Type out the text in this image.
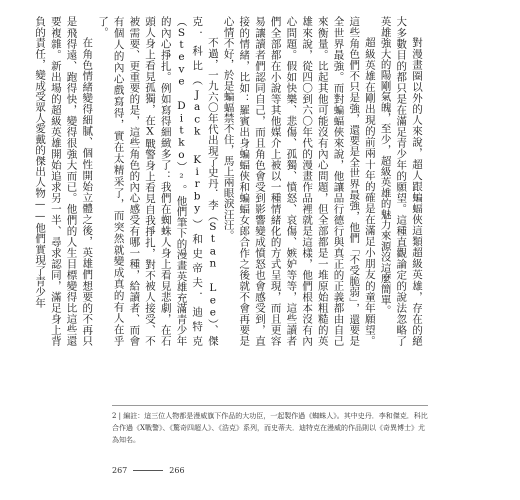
對漫畫圈以外的人來說，超人跟蝙蝠俠這類超級英雄，存在的絕大多數目的都只是在滿足青少年的願望。這種直觀論定的說法忽略了英雄強大的陽剛氣魄，至少，超級英雄的魅力來源沒這麼簡單。

超級英雄在剛出現的前兩十年的確是在滿足小朋友的童年願望。這些角色們不只是強，還要是全世界最強，他們「不受脆弱」，還要是全世界最強。而對蝙蝠俠來說，他讓品行德行與真正的正義都由自己來衡量。比起其他可能沒有內心問題，但全部都是一堆原始粗糙的英雄來說，從四〇到六〇年代的漫畫作品裡就是這樣，他們根本沒有內心問題。假如快樂、悲傷、孤獨、憤怒、哀傷、嫉妒等等，這些讀者們全部都在小說等其他媒介上被以一種情緒化的方式呈現，而且更容易讓讀者們認同自己，而且角色會受到影響變成憤怒也會感受到，直接的情緒，比如：羅賓出身蝙蝠俠和蝙蝠女郎合作之後就不會再要是心情不好，於是蝙蝠禁不住，馬上兩眼淚汪汪。

不過，一九六〇年代出現了史丹．李（Stan Lee）、傑克．科比（Jack Kirby）和史帝夫．迪特克（Steve Ditko）²。他們筆下的漫畫英雄充滿青少年的內心掙扎。例如寫得細緻多了：我們在蜘蛛人身上看見悲劇，在石頭人身上看見孤獨，在X戰警身上看見自我掙扎，對不被人接受、不被需要、更重要的是，這些角色的內心感受有哪一種，給讀者、而會有個人的內心戲寫得，實在太精采了，而突然就變成真的有人在乎了。

在角色情緒變得細膩、個性開始立體之後，英雄們想要的不再只是飛得遠、跑得快，變得很強大而已。他們的人生目標變得比這些還要複雜。新出場的超級英雄開始追求另一半、尋求認同，滿足身上背負的責任，變成受眾人愛戴的傑出人物——他們實現了青少年

2 | 編註：這三位人物都是漫威旗下作品的大功臣，一起製作過《蜘蛛人》。其中史丹．李和傑克．科比合作過《X戰警》、《驚奇四超人》、《浩克》系列，而史蒂夫．迪特克在漫威的作品則以《奇異博士》尤為知名。
267	266
